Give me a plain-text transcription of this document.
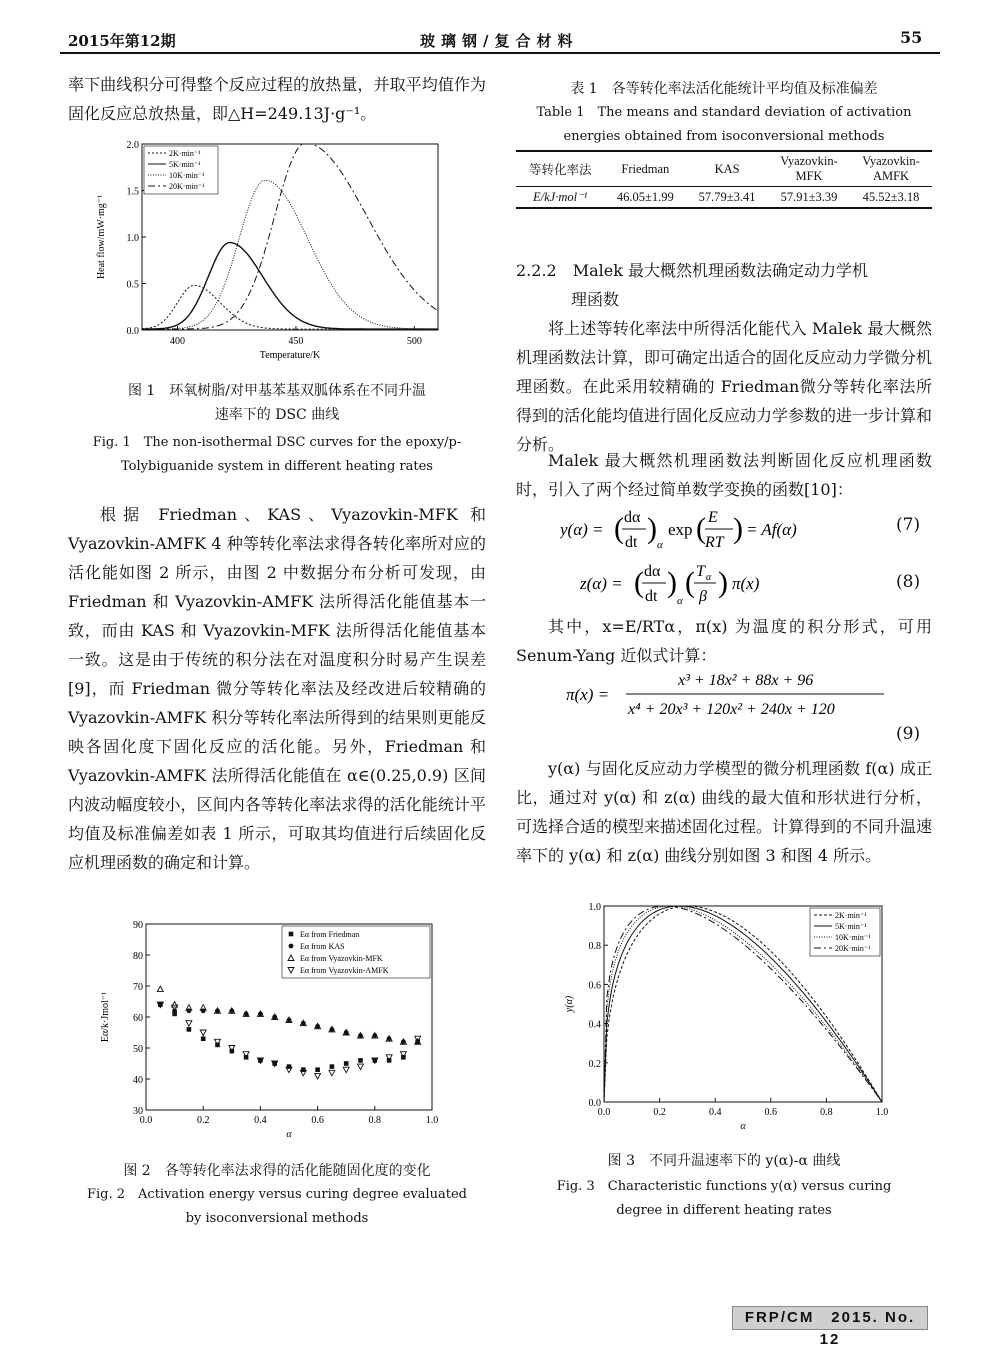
2015年第12期	玻璃钢/复合材料	55
率下曲线积分可得整个反应过程的放热量，并取平均值作为固化反应总放热量，即△H=249.13J·g⁻¹。
400	450	500
0.0
0.5
1.0
1.5
2.0
Temperature/K
Heat flow/mW·mg⁻¹
2K·min⁻¹
5K·min⁻¹
10K·min⁻¹
20K·min⁻¹
图 1　环氧树脂/对甲基苯基双胍体系在不同升温
速率下的 DSC 曲线
Fig. 1　The non-isothermal DSC curves for the epoxy/p-
Tolybiguanide system in different heating rates
根据 Friedman、KAS、Vyazovkin-MFK 和 Vyazovkin-AMFK 4 种等转化率法求得各转化率所对应的活化能如图 2 所示，由图 2 中数据分布分析可发现，由 Friedman 和 Vyazovkin-AMFK 法所得活化能值基本一致，而由 KAS 和 Vyazovkin-MFK 法所得活化能值基本一致。这是由于传统的积分法在对温度积分时易产生误差[9]，而 Friedman 微分等转化率法及经改进后较精确的 Vyazovkin-AMFK 积分等转化率法所得到的结果则更能反映各固化度下固化反应的活化能。另外，Friedman 和 Vyazovkin-AMFK 法所得活化能值在 α∈(0.25,0.9) 区间内波动幅度较小，区间内各等转化率法求得的活化能统计平均值及标准偏差如表 1 所示，可取其均值进行后续固化反应机理函数的确定和计算。
0.0	0.2	0.4	0.6	0.8	1.0
30
40
50
60
70
80
90
α
Eα/k·Jmol⁻¹
Eα from Friedman
Eα from KAS
Eα from Vyazovkin-MFK
Eα from Vyazovkin-AMFK
图 2　各等转化率法求得的活化能随固化度的变化
Fig. 2　Activation energy versus curing degree evaluated
by isoconversional methods
表 1　各等转化率法活化能统计平均值及标准偏差
Table 1　The means and standard deviation of activation
energies obtained from isoconversional methods
等转化率法	Friedman	KAS	Vyazovkin-MFK	Vyazovkin-AMFK
E/kJ·mol⁻¹	46.05±1.99	57.79±3.41	57.91±3.39	45.52±3.18
2.2.2　Malek 最大概然机理函数法确定动力学机
理函数
将上述等转化率法中所得活化能代入 Malek 最大概然机理函数法计算，即可确定出适合的固化反应动力学微分机理函数。在此采用较精确的 Friedman微分等转化率法所得到的活化能均值进行固化反应动力学参数的进一步计算和分析。
Malek 最大概然机理函数法判断固化反应机理函数时，引入了两个经过简单数学变换的函数[10]：
y(α) = ( dα
dt ) α
exp ( E
RT ) = Af(α)	(7)
z(α) = ( dα
dt )
α
( T α
β ) π(x)	(8)
其中，x=E/RTα，π(x) 为温度的积分形式，可用 Senum-Yang 近似式计算：
π(x) =
x³ + 18x² + 88x + 96
x⁴ + 20x³ + 120x² + 240x + 120
(9)
y(α) 与固化反应动力学模型的微分机理函数 f(α) 成正比，通过对 y(α) 和 z(α) 曲线的最大值和形状进行分析，可选择合适的模型来描述固化过程。计算得到的不同升温速率下的 y(α) 和 z(α) 曲线分别如图 3 和图 4 所示。
0.0	0.2	0.4	0.6	0.8	1.0
0.0
0.2
0.4
0.6
0.8
1.0
α
y(α)
2K·min⁻¹
5K·min⁻¹
10K·min⁻¹
20K·min⁻¹
图 3　不同升温速率下的 y(α)-α 曲线
Fig. 3　Characteristic functions y(α) versus curing
degree in different heating rates
FRP/CM　2015. No. 12
